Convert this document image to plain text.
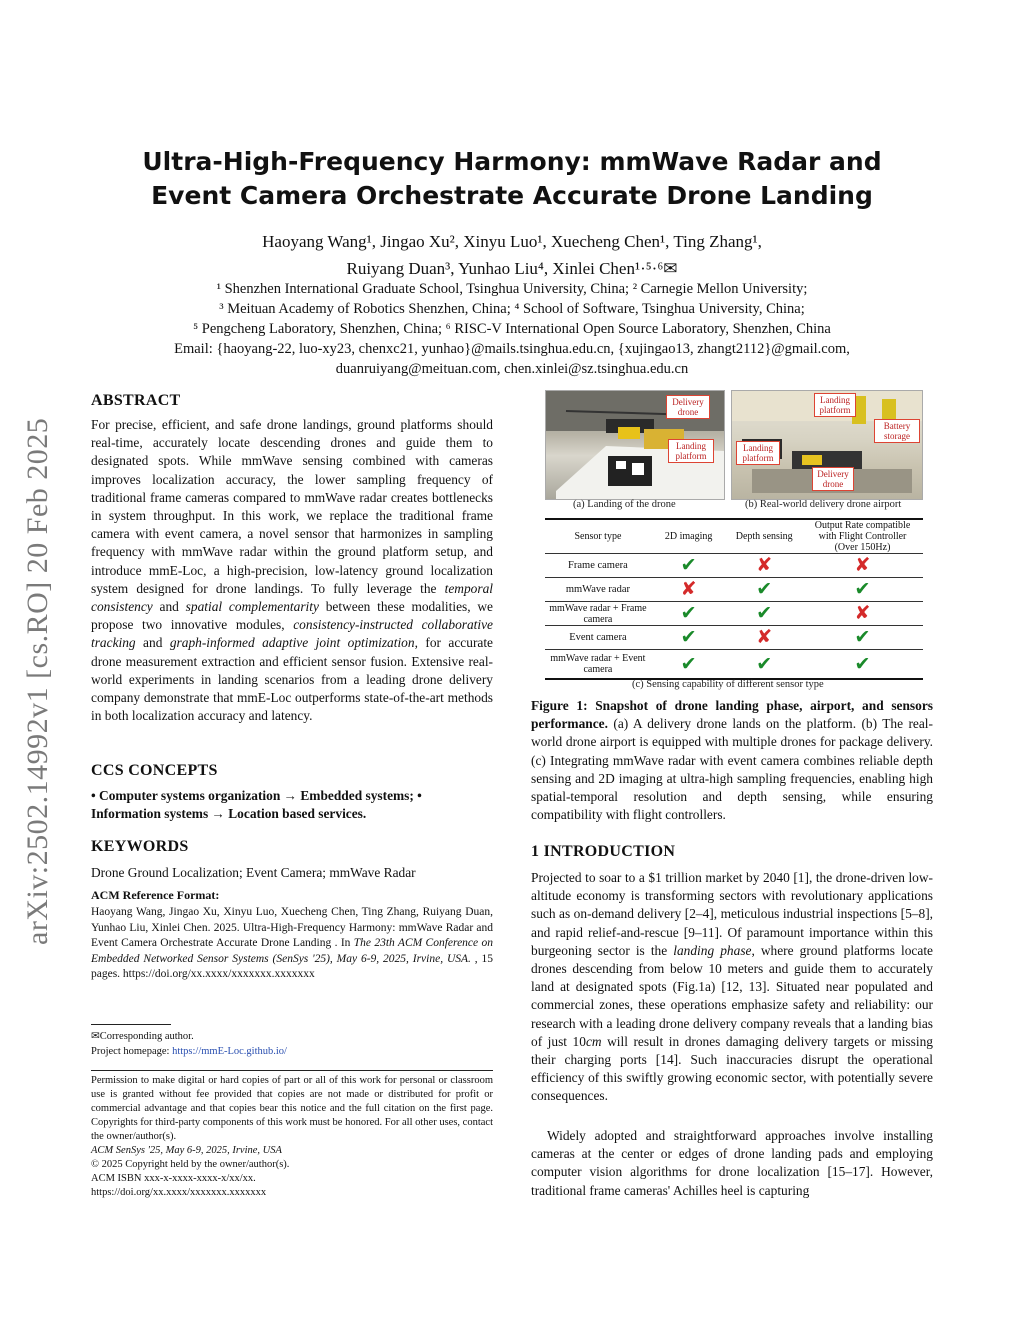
arXiv:2502.14992v1 [cs.RO] 20 Feb 2025
Ultra-High-Frequency Harmony: mmWave Radar and
Event Camera Orchestrate Accurate Drone Landing
Haoyang Wang¹, Jingao Xu², Xinyu Luo¹, Xuecheng Chen¹, Ting Zhang¹,
Ruiyang Duan³, Yunhao Liu⁴, Xinlei Chen¹·⁵·⁶✉
¹ Shenzhen International Graduate School, Tsinghua University, China; ² Carnegie Mellon University;
³ Meituan Academy of Robotics Shenzhen, China; ⁴ School of Software, Tsinghua University, China;
⁵ Pengcheng Laboratory, Shenzhen, China; ⁶ RISC-V International Open Source Laboratory, Shenzhen, China
Email: {haoyang-22, luo-xy23, chenxc21, yunhao}@mails.tsinghua.edu.cn, {xujingao13, zhangt2112}@gmail.com,
duanruiyang@meituan.com, chen.xinlei@sz.tsinghua.edu.cn
ABSTRACT
For precise, efficient, and safe drone landings, ground platforms should real-time, accurately locate descending drones and guide them to designated spots. While mmWave sensing combined with cameras improves localization accuracy, the lower sampling frequency of traditional frame cameras compared to mmWave radar creates bottlenecks in system throughput. In this work, we replace the traditional frame camera with event camera, a novel sensor that harmonizes in sampling frequency with mmWave radar within the ground platform setup, and introduce mmE-Loc, a high-precision, low-latency ground localization system designed for drone landings. To fully leverage the temporal consistency and spatial complementarity between these modalities, we propose two innovative modules, consistency-instructed collaborative tracking and graph-informed adaptive joint optimization, for accurate drone measurement extraction and efficient sensor fusion. Extensive real-world experiments in landing scenarios from a leading drone delivery company demonstrate that mmE-Loc outperforms state-of-the-art methods in both localization accuracy and latency.
CCS CONCEPTS
• Computer systems organization → Embedded systems; • Information systems → Location based services.
KEYWORDS
Drone Ground Localization; Event Camera; mmWave Radar
ACM Reference Format:
Haoyang Wang, Jingao Xu, Xinyu Luo, Xuecheng Chen, Ting Zhang, Ruiyang Duan, Yunhao Liu, Xinlei Chen. 2025. Ultra-High-Frequency Harmony: mmWave Radar and Event Camera Orchestrate Accurate Drone Landing . In The 23th ACM Conference on Embedded Networked Sensor Systems (SenSys '25), May 6-9, 2025, Irvine, USA. , 15 pages. https://doi.org/xx.xxxx/xxxxxxx.xxxxxxx
✉Corresponding author.
Project homepage: https://mmE-Loc.github.io/
Permission to make digital or hard copies of part or all of this work for personal or classroom use is granted without fee provided that copies are not made or distributed for profit or commercial advantage and that copies bear this notice and the full citation on the first page. Copyrights for third-party components of this work must be honored. For all other uses, contact the owner/author(s).
ACM SenSys '25, May 6-9, 2025, Irvine, USA
© 2025 Copyright held by the owner/author(s).
ACM ISBN xxx-x-xxxx-xxxx-x/xx/xx.
https://doi.org/xx.xxxx/xxxxxxx.xxxxxxx
Delivery drone
Landing platform
Landing platform
Battery storage
Landing platform
Delivery drone
(a) Landing of the drone	(b) Real-world delivery drone airport
Sensor type	2D imaging	Depth sensing	Output Rate compatible with Flight Controller (Over 150Hz)
Frame camera	✔	✘	✘
mmWave radar	✘	✔	✔
mmWave radar + Frame camera	✔	✔	✘
Event camera	✔	✘	✔
mmWave radar + Event camera	✔	✔	✔
(c) Sensing capability of different sensor type
Figure 1: Snapshot of drone landing phase, airport, and sensors performance. (a) A delivery drone lands on the platform. (b) The real-world drone airport is equipped with multiple drones for package delivery. (c) Integrating mmWave radar with event camera combines reliable depth sensing and 2D imaging at ultra-high sampling frequencies, enabling high spatial-temporal resolution and depth sensing, while ensuring compatibility with flight controllers.
1 INTRODUCTION
Projected to soar to a $1 trillion market by 2040 [1], the drone-driven low-altitude economy is transforming sectors with revolutionary applications such as on-demand delivery [2–4], meticulous industrial inspections [5–8], and rapid relief-and-rescue [9–11]. Of paramount importance within this burgeoning sector is the landing phase, where ground platforms locate drones descending from below 10 meters and guide them to accurately land at designated spots (Fig.1a) [12, 13]. Situated near populated and commercial zones, these operations emphasize safety and reliability: our research with a leading drone delivery company reveals that a landing bias of just 10cm will result in drones damaging delivery targets or missing their charging ports [14]. Such inaccuracies disrupt the operational efficiency of this swiftly growing economic sector, with potentially severe consequences.
Widely adopted and straightforward approaches involve installing cameras at the center or edges of drone landing pads and employing computer vision algorithms for drone localization [15–17]. However, traditional frame cameras' Achilles heel is capturing
